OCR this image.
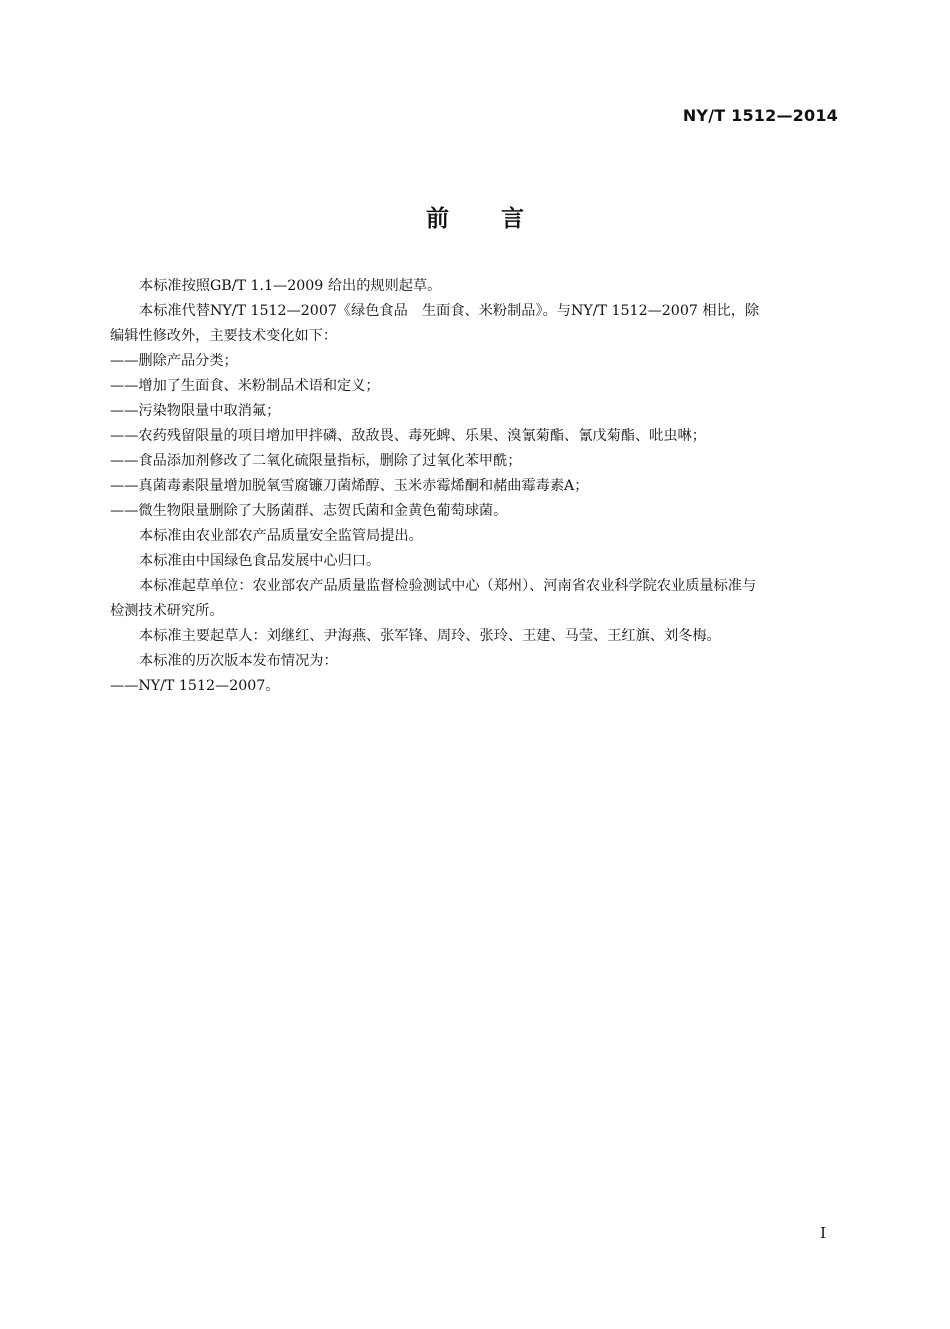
NY/T 1512—2014
前言

本标准按照GB/T 1.1—2009 给出的规则起草。

本标准代替NY/T 1512—2007《绿色食品　生面食、米粉制品》。与NY/T 1512—2007 相比，除

编辑性修改外，主要技术变化如下：

——删除产品分类；

——增加了生面食、米粉制品术语和定义；

——污染物限量中取消氟；

——农药残留限量的项目增加甲拌磷、敌敌畏、毒死蜱、乐果、溴氰菊酯、氰戊菊酯、吡虫啉；

——食品添加剂修改了二氧化硫限量指标，删除了过氧化苯甲酰；

——真菌毒素限量增加脱氧雪腐镰刀菌烯醇、玉米赤霉烯酮和赭曲霉毒素A；

——微生物限量删除了大肠菌群、志贺氏菌和金黄色葡萄球菌。

本标准由农业部农产品质量安全监管局提出。

本标准由中国绿色食品发展中心归口。

本标准起草单位：农业部农产品质量监督检验测试中心（郑州）、河南省农业科学院农业质量标准与

检测技术研究所。

本标准主要起草人：刘继红、尹海燕、张军锋、周玲、张玲、王建、马莹、王红旗、刘冬梅。

本标准的历次版本发布情况为：

——NY/T 1512—2007。

I
